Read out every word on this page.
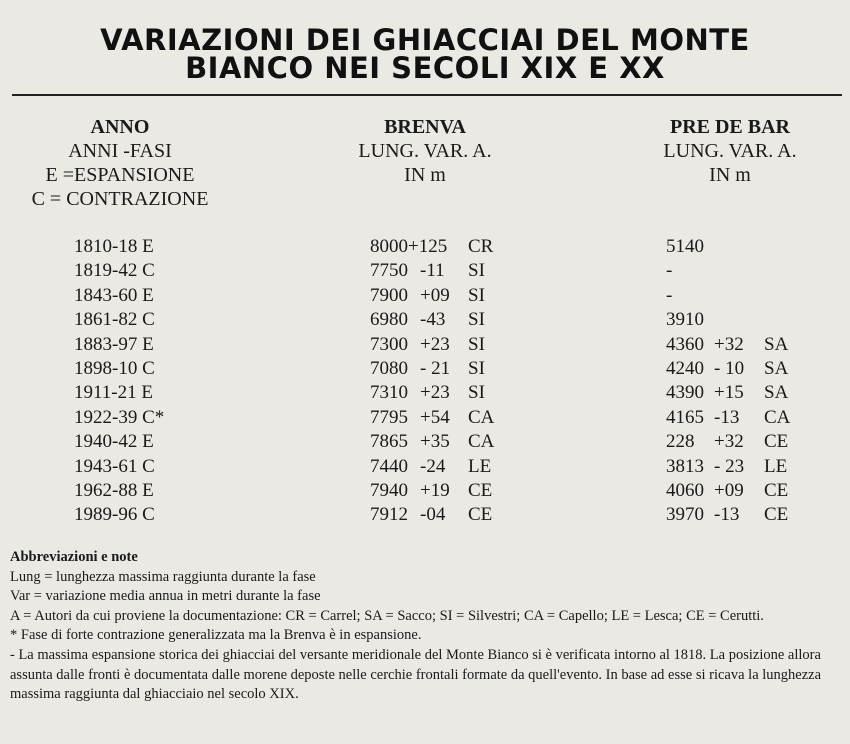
VARIAZIONI DEI GHIACCIAI DEL MONTE
BIANCO NEI SECOLI XIX E XX
ANNO
ANNI -FASI
E =ESPANSIONE
C = CONTRAZIONE
BRENVA
LUNG. VAR. A.
IN m
PRE DE BAR
LUNG. VAR. A.
IN m
1810-18 E	8000+125 CR	5140
1819-42 C	7750 -11 SI	-
1843-60 E	7900 +09 SI	-
1861-82 C	6980 -43 SI	3910
1883-97 E	7300 +23 SI	4360 +32 SA
1898-10 C	7080 - 21 SI	4240 - 10 SA
1911-21 E	7310 +23 SI	4390 +15 SA
1922-39 C*	7795 +54 CA	4165 -13 CA
1940-42 E	7865 +35 CA	228 +32 CE
1943-61 C	7440 -24 LE	3813 - 23 LE
1962-88 E	7940 +19 CE	4060 +09 CE
1989-96 C	7912 -04 CE	3970 -13 CE

Abbreviazioni e note

Lung = lunghezza massima raggiunta durante la fase

Var = variazione media annua in metri durante la fase

A = Autori da cui proviene la documentazione: CR = Carrel; SA = Sacco; SI = Silvestri; CA = Capello; LE = Lesca; CE = Cerutti.

* Fase di forte contrazione generalizzata ma la Brenva è in espansione.

- La massima espansione storica dei ghiacciai del versante meridionale del Monte Bianco si è verificata intorno al 1818. La posizione allora assunta dalle fronti è documentata dalle morene deposte nelle cerchie frontali formate da quell'evento. In base ad esse si ricava la lunghezza massima raggiunta dal ghiacciaio nel secolo XIX.
